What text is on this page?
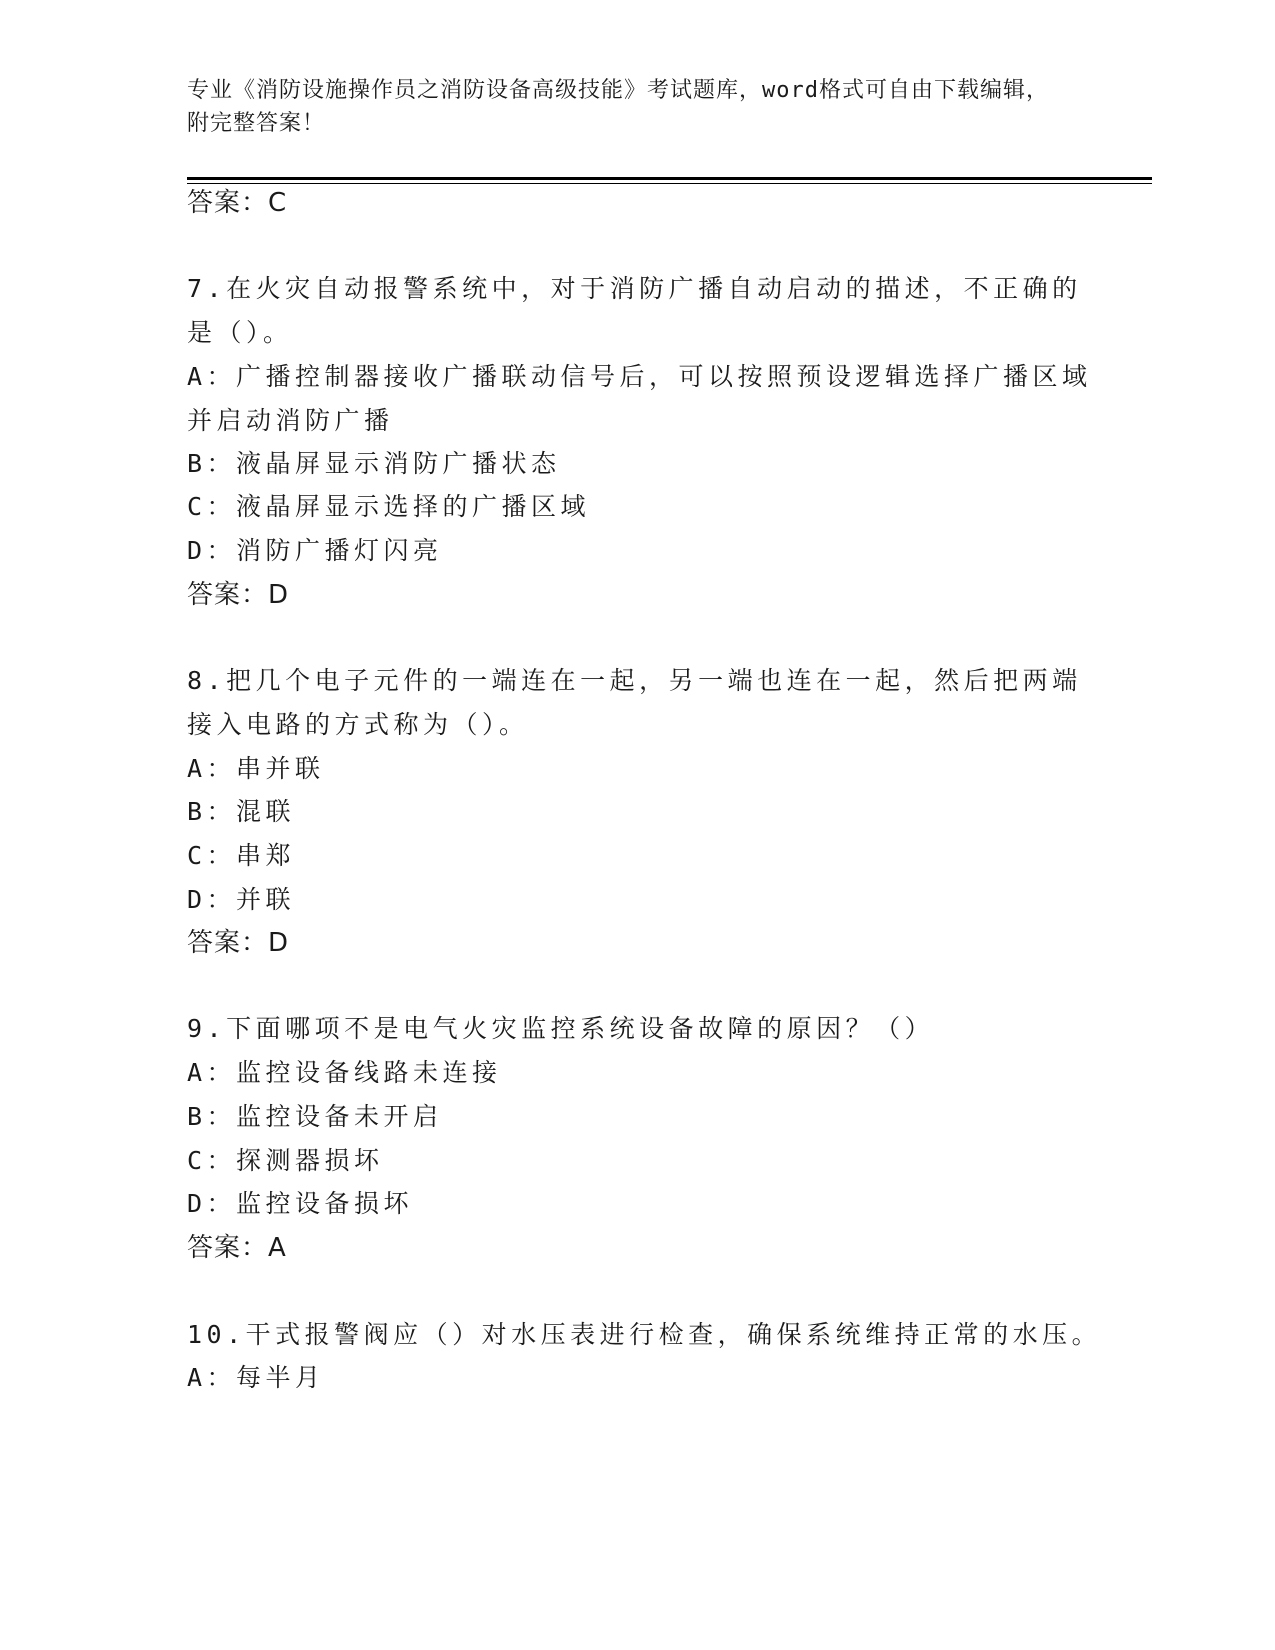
专业《消防设施操作员之消防设备高级技能》考试题库，word格式可自由下载编辑，附完整答案！
答案：C
7.在火灾自动报警系统中，对于消防广播自动启动的描述，不正确的
是（）。
A：广播控制器接收广播联动信号后，可以按照预设逻辑选择广播区域
并启动消防广播
B：液晶屏显示消防广播状态
C：液晶屏显示选择的广播区域
D：消防广播灯闪亮
答案：D
8.把几个电子元件的一端连在一起，另一端也连在一起，然后把两端
接入电路的方式称为（）。
A：串并联
B：混联
C：串郑
D：并联
答案：D
9.下面哪项不是电气火灾监控系统设备故障的原因？（）
A：监控设备线路未连接
B：监控设备未开启
C：探测器损坏
D：监控设备损坏
答案：A
10.干式报警阀应（）对水压表进行检查，确保系统维持正常的水压。
A：每半月
